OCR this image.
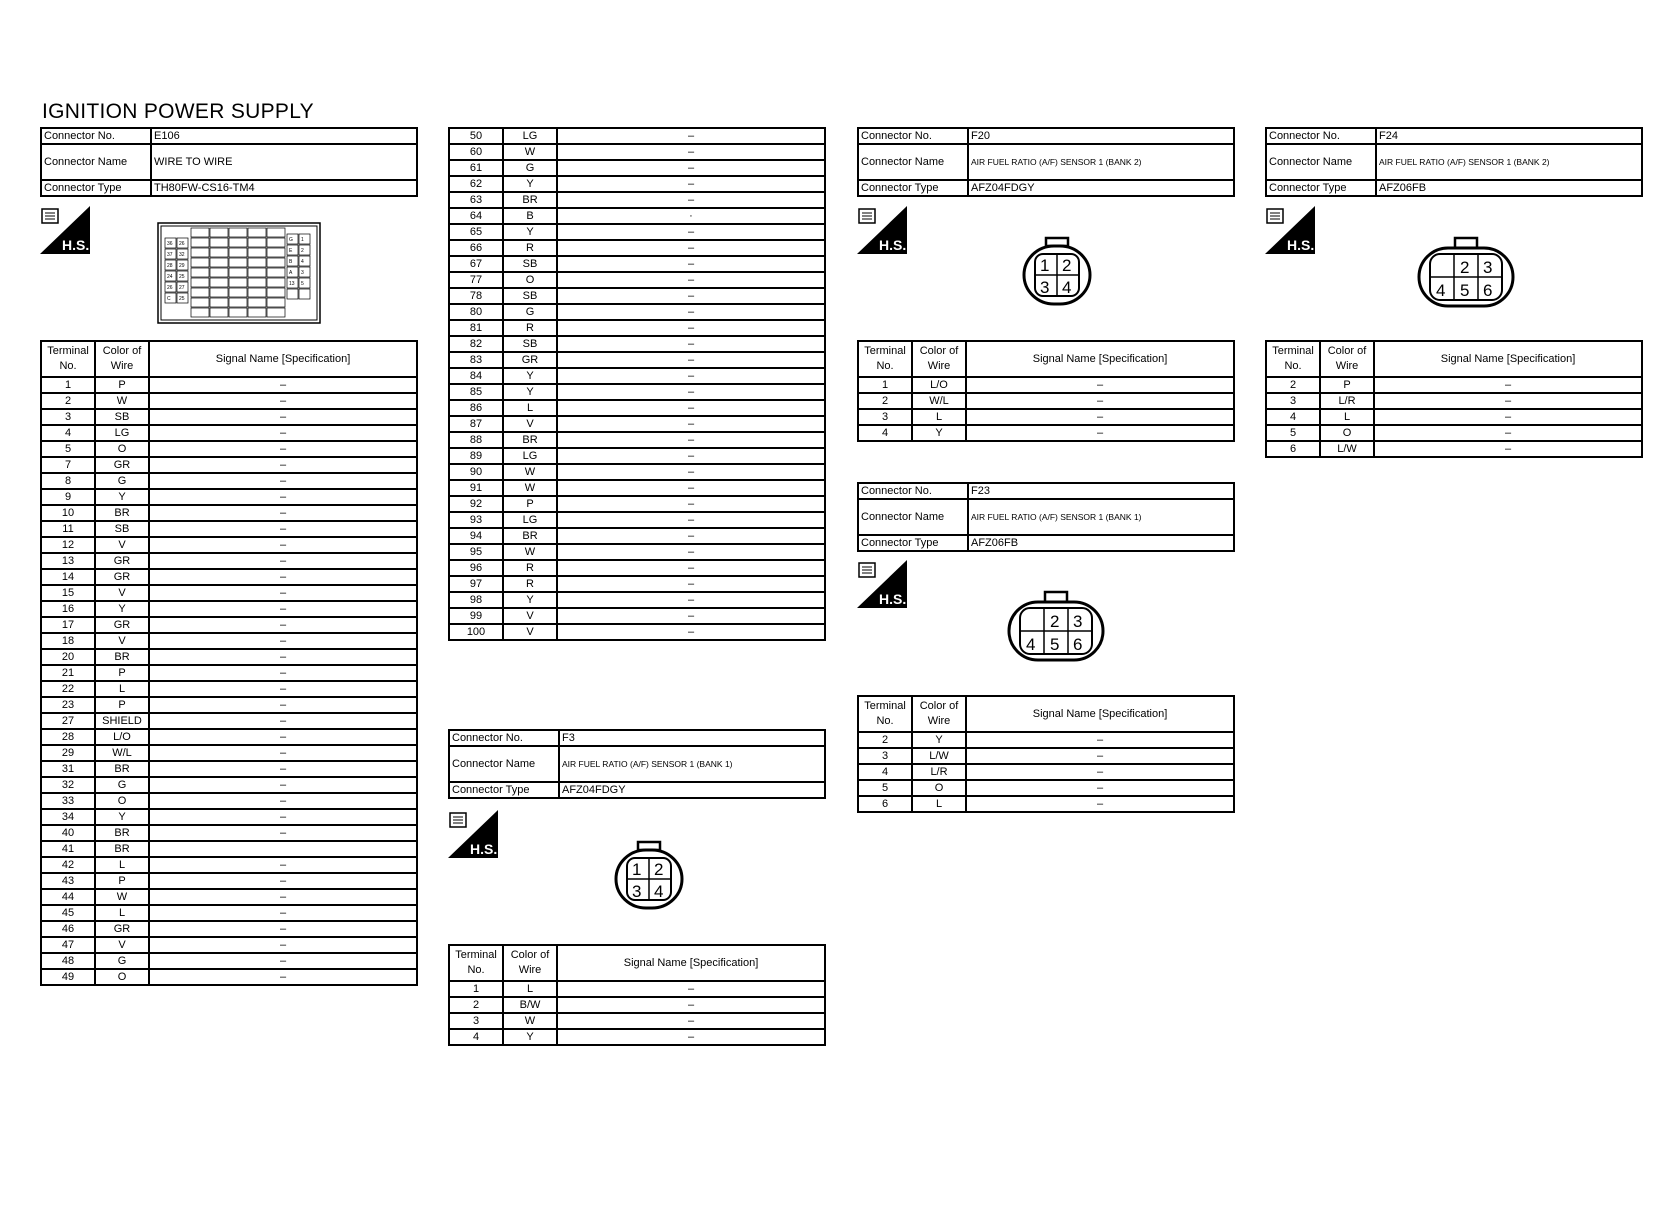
IGNITION POWER SUPPLY
Connector No.	E106
Connector Name	WIRE TO WIRE
Connector Type	TH80FW-CS16-TM4
H.S.	36 26
37 32
28 29
24 25
26 27
C 25
G 1
E 2
B 4
A 3
13 5
Terminal No.	Color of Wire	Signal Name [Specification]
1	P	–
2	W	–
3	SB	–
4	LG	–
5	O	–
7	GR	–
8	G	–
9	Y	–
10	BR	–
11	SB	–
12	V	–
13	GR	–
14	GR	–
15	V	–
16	Y	–
17	GR	–
18	V	–
20	BR	–
21	P	–
22	L	–
23	P	–
27	SHIELD	–
28	L/O	–
29	W/L	–
31	BR	–
32	G	–
33	O	–
34	Y	–
40	BR	–
41	BR	
42	L	–
43	P	–
44	W	–
45	L	–
46	GR	–
47	V	–
48	G	–
49	O	–
50	LG	–
60	W	–
61	G	–
62	Y	–
63	BR	–
64	B	·
65	Y	–
66	R	–
67	SB	–
77	O	–
78	SB	–
80	G	–
81	R	–
82	SB	–
83	GR	–
84	Y	–
85	Y	–
86	L	–
87	V	–
88	BR	–
89	LG	–
90	W	–
91	W	–
92	P	–
93	LG	–
94	BR	–
95	W	–
96	R	–
97	R	–
98	Y	–
99	V	–
100	V	–
Connector No.	F3
Connector Name	AIR FUEL RATIO (A/F) SENSOR 1 (BANK 1)
Connector Type	AFZ04FDGY
H.S.
1 2
3 4
Terminal No.	Color of Wire	Signal Name [Specification]
1	L	–
2	B/W	–
3	W	–
4	Y	–
Connector No.	F20
Connector Name	AIR FUEL RATIO (A/F) SENSOR 1 (BANK 2)
Connector Type	AFZ04FDGY
H.S.
1 2
3 4
Terminal No.	Color of Wire	Signal Name [Specification]
1	L/O	–
2	W/L	–
3	L	–
4	Y	–
Connector No.	F23
Connector Name	AIR FUEL RATIO (A/F) SENSOR 1 (BANK 1)
Connector Type	AFZ06FB
H.S.
2 3
4 5 6
Terminal No.	Color of Wire	Signal Name [Specification]
2	Y	–
3	L/W	–
4	L/R	–
5	O	–
6	L	–
Connector No.	F24
Connector Name	AIR FUEL RATIO (A/F) SENSOR 1 (BANK 2)
Connector Type	AFZ06FB
H.S.
2 3
4 5 6
Terminal No.	Color of Wire	Signal Name [Specification]
2	P	–
3	L/R	–
4	L	–
5	O	–
6	L/W	–
